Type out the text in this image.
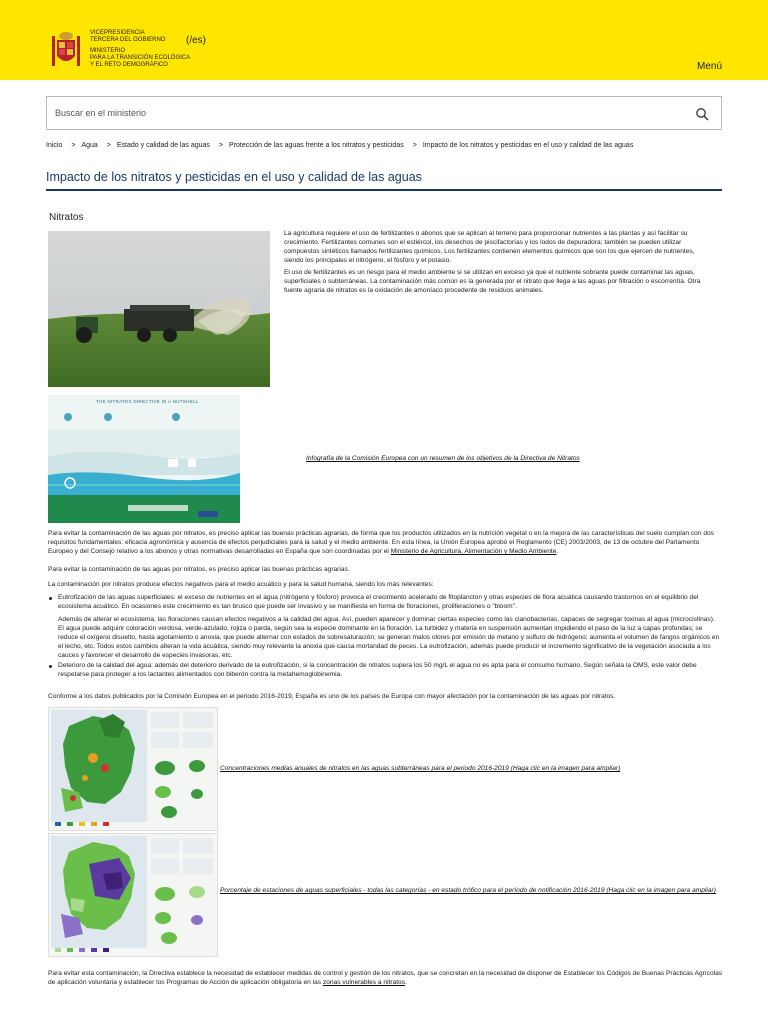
VICEPRESIDENCIA
TERCERA DEL GOBIERNO
MINISTERIO
PARA LA TRANSICIÓN ECOLÓGICA
Y EL RETO DEMOGRÁFICO
(/es)
Menú
Buscar en el ministerio
Inicio > Agua > Estado y calidad de las aguas > Protección de las aguas frente a los nitratos y pesticidas > Impacto de los nitratos y pesticidas en el uso y calidad de las aguas
Impacto de los nitratos y pesticidas en el uso y calidad de las aguas
Nitratos
La agricultura requiere el uso de fertilizantes o abonos que se aplican al terreno para proporcionar nutrientes a las plantas y así facilitar su crecimiento. Fertilizantes comunes son el estiércol, los desechos de piscifactorías y los lodos de depuradora; también se pueden utilizar compuestos sintéticos llamados fertilizantes químicos. Los fertilizantes contienen elementos químicos que son los que ejercen de nutrientes, siendo los principales el nitrógeno, el fósforo y el potasio.
El uso de fertilizantes es un riesgo para el medio ambiente si se utilizan en exceso ya que el nutriente sobrante puede contaminar las aguas, superficiales o subterráneas. La contaminación más común es la generada por el nitrato que llega a las aguas por filtración o escorrentía. Otra fuente agraria de nitratos es la oxidación de amoníaco procedente de residuos animales.
THE NITRATES DIRECTIVE IN A NUTSHELL
Infografía de la Comisión Europea con un resumen de los objetivos de la Directiva de Nitratos
Para evitar la contaminación de las aguas por nitratos, es preciso aplicar las buenas prácticas agrarias, de forma que los productos utilizados en la nutrición vegetal o en la mejora de las características del suelo cumplan con dos requisitos fundamentales: eficacia agronómica y ausencia de efectos perjudiciales para la salud y el medio ambiente. En esta línea, la Unión Europea aprobó el Reglamento (CE) 2003/2003, de 13 de octubre del Parlamento Europeo y del Consejo relativo a los abonos y otras normativas desarrolladas en España que son coordinadas por el Ministerio de Agricultura, Alimentación y Medio Ambiente.
Para evitar la contaminación de las aguas por nitratos, es preciso aplicar las buenas prácticas agrarias.
La contaminación por nitratos produce efectos negativos para el medio acuático y para la salud humana, siendo los más relevantes:
Eutrofización de las aguas superficiales: el exceso de nutrientes en el agua (nitrógeno y fósforo) provoca el crecimiento acelerado de fitoplancton y otras especies de flora acuática causando trastornos en el equilibrio del ecosistema acuático. En ocasiones este crecimiento es tan brusco que puede ser invasivo y se manifiesta en forma de floraciones, proliferaciones o "bloom".
Además de alterar el ecosistema, las floraciones causan efectos negativos a la calidad del agua. Así, pueden aparecer y dominar ciertas especies como las cianobacterias, capaces de segregar toxinas al agua (microcistinas). El agua puede adquirir coloración verdosa, verde-azulado, rojiza o parda, según sea la especie dominante en la floración. La turbidez y materia en suspensión aumentan impidiendo el paso de la luz a capas profundas; se reduce el oxígeno disuelto, hasta agotamiento o anoxia, que puede alternar con estados de sobresaturación; se generan malos olores por emisión de metano y sulfuro de hidrógeno; aumenta el volumen de fangos orgánicos en el lecho, etc. Todos estos cambios alteran la vida acuática, siendo muy relevante la anoxia que causa mortandad de peces. La eutrofización, además puede producir el incremento significativo de la vegetación asociada a los cauces y favorecer el desarrollo de especies invasoras, etc.
Deterioro de la calidad del agua: además del deterioro derivado de la eutrofización, si la concentración de nitratos supera los 50 mg/L el agua no es apta para el consumo humano. Según señala la OMS, este valor debe respetarse para proteger a los lactantes alimentados con biberón contra la metahemoglobinemia.
Conforme a los datos publicados por la Comisión Europea en el periodo 2016-2019, España es uno de los países de Europa con mayor afectación por la contaminación de las aguas por nitratos.
Concentraciones medias anuales de nitratos en las aguas subterráneas para el periodo 2016-2019 (Haga clic en la imagen para ampliar)
Porcentaje de estaciones de aguas superficiales - todas las categorías - en estado trófico para el período de notificación 2016-2019 (Haga clic en la imagen para ampliar)
Para evitar esta contaminación, la Directiva establece la necesidad de establecer medidas de control y gestión de los nitratos, que se concretan en la necesidad de disponer de Establecer los Códigos de Buenas Prácticas Agrícolas de aplicación voluntaria y establecer los Programas de Acción de aplicación obligatoria en las zonas vulnerables a nitratos.
